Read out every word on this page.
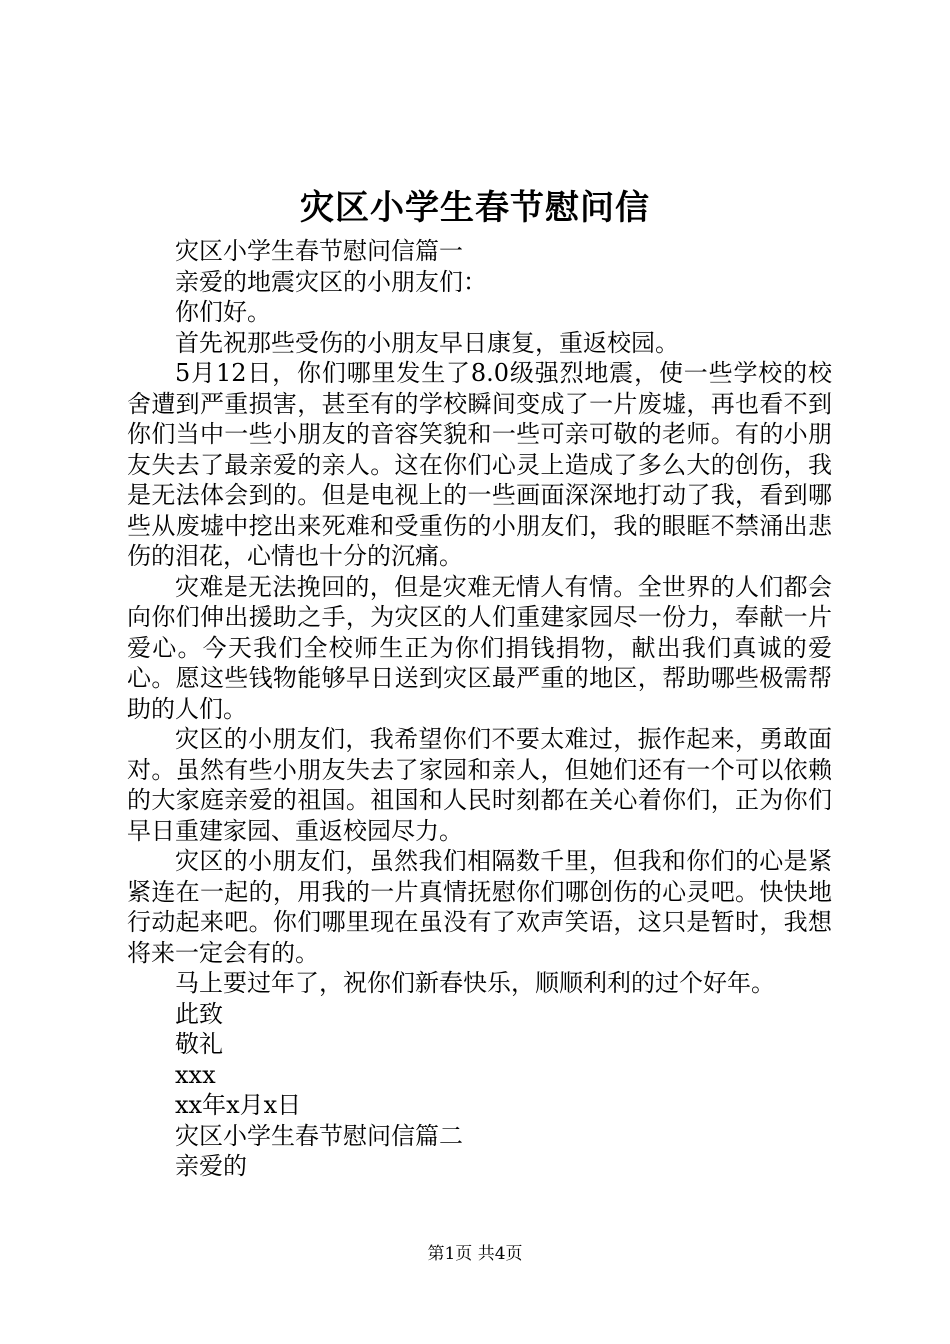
灾区小学生春节慰问信

灾区小学生春节慰问信篇一

亲爱的地震灾区的小朋友们：

你们好。

首先祝那些受伤的小朋友早日康复，重返校园。

5月12日，你们哪里发生了8.0级强烈地震，使一些学校的校舍遭到严重损害，甚至有的学校瞬间变成了一片废墟，再也看不到你们当中一些小朋友的音容笑貌和一些可亲可敬的老师。有的小朋友失去了最亲爱的亲人。这在你们心灵上造成了多么大的创伤，我是无法体会到的。但是电视上的一些画面深深地打动了我，看到哪些从废墟中挖出来死难和受重伤的小朋友们，我的眼眶不禁涌出悲伤的泪花，心情也十分的沉痛。

灾难是无法挽回的，但是灾难无情人有情。全世界的人们都会向你们伸出援助之手，为灾区的人们重建家园尽一份力，奉献一片爱心。今天我们全校师生正为你们捐钱捐物，献出我们真诚的爱心。愿这些钱物能够早日送到灾区最严重的地区，帮助哪些极需帮助的人们。

灾区的小朋友们，我希望你们不要太难过，振作起来，勇敢面对。虽然有些小朋友失去了家园和亲人，但她们还有一个可以依赖的大家庭亲爱的祖国。祖国和人民时刻都在关心着你们，正为你们早日重建家园、重返校园尽力。

灾区的小朋友们，虽然我们相隔数千里，但我和你们的心是紧紧连在一起的，用我的一片真情抚慰你们哪创伤的心灵吧。快快地行动起来吧。你们哪里现在虽没有了欢声笑语，这只是暂时，我想将来一定会有的。

马上要过年了，祝你们新春快乐，顺顺利利的过个好年。

此致

敬礼

xxx

xx年x月x日

灾区小学生春节慰问信篇二

亲爱的

第1页 共4页
